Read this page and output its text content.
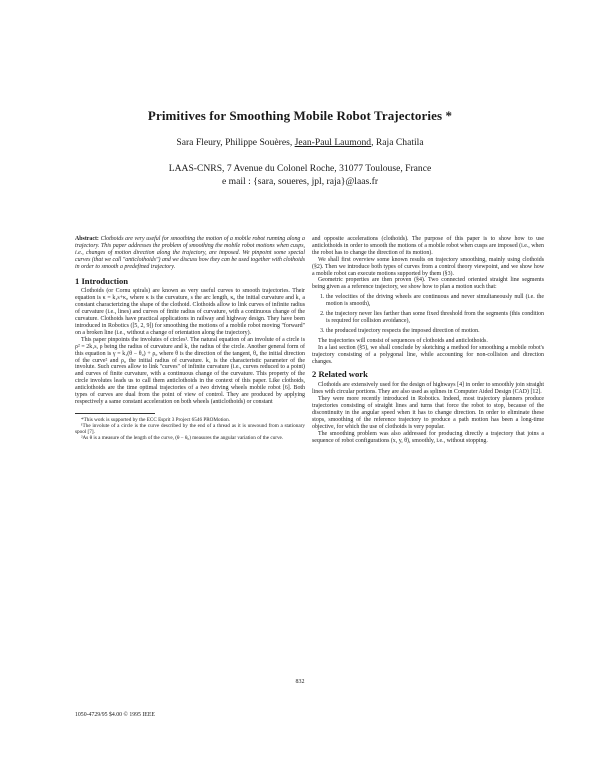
Primitives for Smoothing Mobile Robot Trajectories *
Sara Fleury, Philippe Souères, Jean-Paul Laumond, Raja Chatila
LAAS-CNRS, 7 Avenue du Colonel Roche, 31077 Toulouse, France
e mail : {sara, soueres, jpl, raja}@laas.fr

Abstract: Clothoids are very useful for smoothing the motion of a mobile robot running along a trajectory. This paper addresses the problem of smoothing the mobile robot motions when cusps, i.e., changes of motion direction along the trajectory, are imposed. We pinpoint some special curves (that we call "anticlothoids") and we discuss how they can be used together with clothoids in order to smooth a predefined trajectory.

1 Introduction

Clothoids (or Cornu spirals) are known as very useful curves to smooth trajectories. Their equation is κ = k₁s+κ₀ where κ is the curvature, s the arc length, κ₀ the initial curvature and k₁ a constant characterizing the shape of the clothoid. Clothoids allow to link curves of infinite radius of curvature (i.e., lines) and curves of finite radius of curvature, with a continuous change of the curvature. Clothoids have practical applications in railway and highway design. They have been introduced in Robotics ([5, 2, 9]) for smoothing the motions of a mobile robot moving "forward" on a broken line (i.e., without a change of orientation along the trajectory).

This paper pinpoints the involutes of circles¹. The natural equation of an involute of a circle is ρ² = 2k₁s, ρ being the radius of curvature and k₁ the radius of the circle. Another general form of this equation is γ = k₁(θ − θ₀) + ρ₀ where θ is the direction of the tangent, θ₀ the initial direction of the curve² and ρ₀ the initial radius of curvature. k₁ is the characteristic parameter of the involute. Such curves allow to link "curves" of infinite curvature (i.e., curves reduced to a point) and curves of finite curvature, with a continuous change of the curvature. This property of the circle involutes leads us to call them anticlothoids in the context of this paper. Like clothoids, anticlothoids are the time optimal trajectories of a two driving wheels mobile robot [6]. Both types of curves are dual from the point of view of control. They are produced by applying respectively a same constant acceleration on both wheels (anticlothoids) or constant

*This work is supported by the ECC Esprit 3 Project 6546 PROMotion.

¹The involute of a circle is the curve described by the end of a thread as it is unwound from a stationary spool [7].

²As θ is a measure of the length of the curve, (θ − θ₀) measures the angular variation of the curve.

and opposite accelerations (clothoids). The purpose of this paper is to show how to use anticlothoids in order to smooth the motions of a mobile robot when cusps are imposed (i.e., when the robot has to change the direction of its motion).

We shall first overview some known results on trajectory smoothing, mainly using clothoids (§2). Then we introduce both types of curves from a control theory viewpoint, and we show how a mobile robot can execute motions supported by them (§3).

Geometric properties are then proven (§4). Two connected oriented straight line segments being given as a reference trajectory, we show how to plan a motion such that:

1. the velocities of the driving wheels are continuous and never simultaneously null (i.e. the motion is smooth),
2. the trajectory never lies farther than some fixed threshold from the segments (this condition is required for collision avoidance),
3. the produced trajectory respects the imposed direction of motion.

The trajectories will consist of sequences of clothoids and anticlothoids.

In a last section (§5), we shall conclude by sketching a method for smoothing a mobile robot's trajectory consisting of a polygonal line, while accounting for non-collision and direction changes.

2 Related work

Clothoids are extensively used for the design of highways [4] in order to smoothly join straight lines with circular portions. They are also used as splines in Computer Aided Design (CAD) [12].

They were more recently introduced in Robotics. Indeed, most trajectory planners produce trajectories consisting of straight lines and turns that force the robot to stop, because of the discontinuity in the angular speed when it has to change direction. In order to eliminate these stops, smoothing of the reference trajectory to produce a path motion has been a long-time objective, for which the use of clothoids is very popular.

The smoothing problem was also addressed for producing directly a trajectory that joins a sequence of robot configurations (x, y, θ), smoothly, i.e., without stopping.

832
1050-4729/95 $4.00 © 1995 IEEE
